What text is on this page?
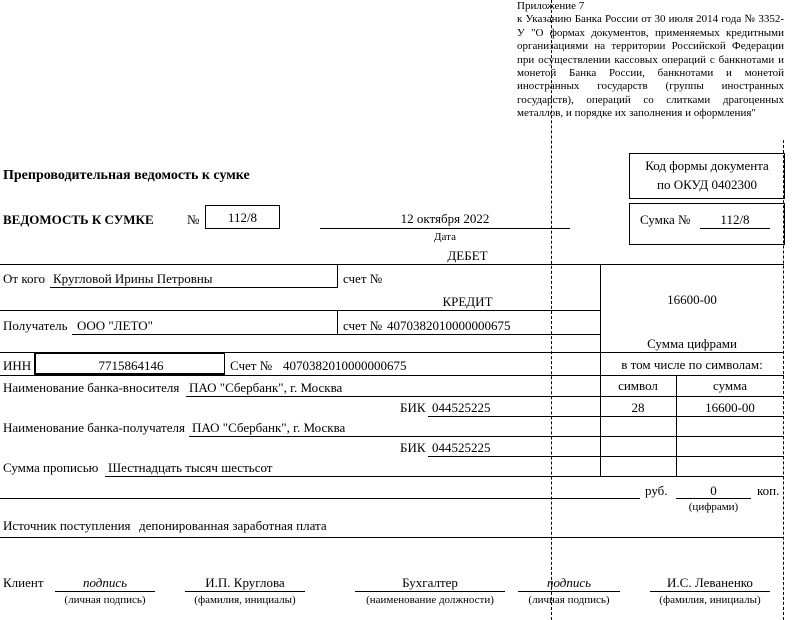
Приложение 7
к Указанию Банка России от 30 июля 2014 года № 3352-У "О формах документов, применяемых кредитными организациями на территории Российской Федерации при осуществлении кассовых операций с банкнотами и монетой Банка России, банкнотами и монетой иностранных государств (группы иностранных государств), операций со слитками драгоценных металлов, и порядке их заполнения и оформления"
Код формы документа
по ОКУД 0402300
Препроводительная ведомость к сумке
ВЕДОМОСТЬ К СУМКЕ	№	112/8	12 октября 2022
Дата
Сумка №	112/8
ДЕБЕТ
От кого Кругловой Ирины Петровны	счет №
КРЕДИТ	16600-00
Получатель ООО "ЛЕТО"	счет № 40703820100000006​75
Сумма цифрами
ИНН	7715864146	Счет № 40703820100000006​75	в том числе по символам:
Наименование банка-вносителя ПАО "Сбербанк", г. Москва	символ	сумма
БИК 044525225	28	16600-00
Наименование банка-получателя ПАО "Сбербанк", г. Москва
БИК 044525225
Сумма прописью Шестнадцать тысяч шестьсот
руб.	0	коп.
(цифрами)
Источник поступления депонированная заработная плата
Клиент	подпись
(личная подпись)
И.П. Круглова
(фамилия, инициалы)
Бухгалтер
(наименование должности)
подпись
(личная подпись)
И.С. Леваненко
(фамилия, инициалы)
